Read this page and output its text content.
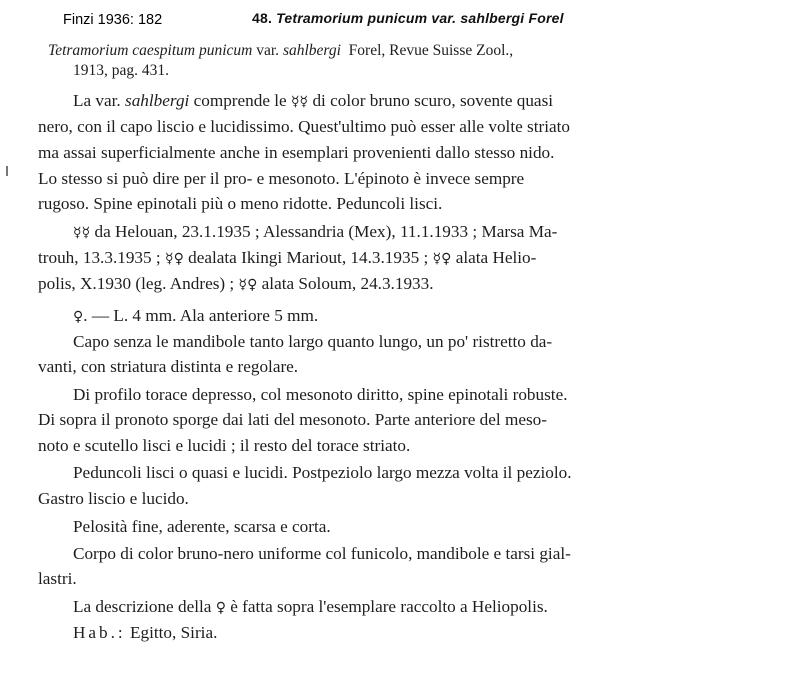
Finzi 1936: 182	48. Tetramorium punicum var. sahlbergi Forel
Tetramorium caespitum punicum var. sahlbergi Forel, Revue Suisse Zool.,
1913, pag. 431.
La var. sahlbergi comprende le ☿☿ di color bruno scuro, sovente quasi
nero, con il capo liscio e lucidissimo. Quest'ultimo può esser alle volte striato
ma assai superficialmente anche in esemplari provenienti dallo stesso nido.
Lo stesso si può dire per il pro- e mesonoto. L'épinoto è invece sempre
rugoso. Spine epinotali più o meno ridotte. Peduncoli lisci.
☿☿ da Helouan, 23.1.1935 ; Alessandria (Mex), 11.1.1933 ; Marsa Ma-
trouh, 13.3.1935 ; ☿♀ dealata Ikingi Mariout, 14.3.1935 ; ☿♀ alata Helio-
polis, X.1930 (leg. Andres) ; ☿♀ alata Soloum, 24.3.1933.
♀. — L. 4 mm. Ala anteriore 5 mm.
Capo senza le mandibole tanto largo quanto lungo, un po' ristretto da-
vanti, con striatura distinta e regolare.
Di profilo torace depresso, col mesonoto diritto, spine epinotali robuste.
Di sopra il pronoto sporge dai lati del mesonoto. Parte anteriore del meso-
noto e scutello lisci e lucidi ; il resto del torace striato.
Peduncoli lisci o quasi e lucidi. Postpeziolo largo mezza volta il peziolo.
Gastro liscio e lucido.
Pelosità fine, aderente, scarsa e corta.
Corpo di color bruno-nero uniforme col funicolo, mandibole e tarsi gial-
lastri.
La descrizione della ♀ è fatta sopra l'esemplare raccolto a Heliopolis.
Hab.: Egitto, Siria.
